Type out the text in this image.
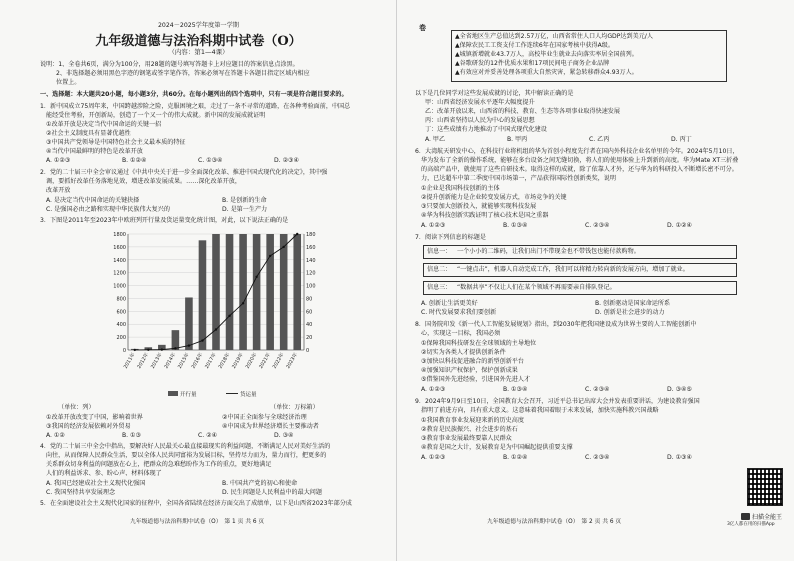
2024－2025学年度第一学期
九年级道德与法治科期中试卷（O）
（内容：第1—4课）
说明：1、全卷共6页，满分为100分，用28题的题号填写答题卡上对应题目的答案信息点涂黑。
2、非选择题必须用黑色字迹的钢笔或签字笔作答，答案必须写在答题卡各题目指定区域内相应
位置上。
一、选择题：本大题共20小题，每小题3分，共60分。在每小题列出的四个选项中，只有一项是符合题目要求的。
1．新中国成立75周年来，中国跨越涉险之险，克服困境之艰，走过了一条不寻常的道路，在各种考验面前，中国总
能经受住考验，开创新局，创造了一个又一个的伟大成就。新中国的发展成就证明
①改革开放是决定当代中国命运的关键一招
②社会主义制度具有显著优越性
③中国共产党领导是中国特色社会主义最本质的特征
④当代中国最鲜明的特色是改革开放
A. ①②③	B. ①②④	C. ①③④	D. ②③④
2．党的二十届三中全会审议通过《中共中央关于进一步全面深化改革、推进中国式现代化的决定》，其中强
调，要抓好改革任务落地见效，增进改革发展成果。……深化改革开放，
改革开放
A. 是决定当代中国命运的关键抉择	B. 是创新的生命
C. 是强国必由之路和实现中华民族伟大复兴的	D. 是第一生产力
3．下图是2011年至2023年中欧班列开行量及货运量变化统计图，对此，以下说法正确的是
0
200
400
600
800
1000
1200
1400
1600
1800
0
20
40
60
80
100
120
140
160
180
2011年 2012年 2013年 2014年 2015年 2016年 2017年 2018年 2019年 2020年 2021年 2022年 2023年
开行量	货运量
（单位：列）	（单位：万标箱）
①改革开放改变了中国，影响着世界	②中国正全面参与全球经济治理
③我国的经济发展依赖对外贸易	④中国成为世界经济增长主要推动者
A. ①②	B. ①③	C. ②④	D. ③④
4．党的二十届三中全会中指出，要解决好人民最关心最直接最现实的利益问题，不断满足人民对美好生活的
向往，从而保障人民群众生活，要以全体人民共同富裕为发展目标，坚持尽力而为，量力而行，把更多的
关系群众切身利益的问题放在心上，把群众的急难愁盼作为工作的重点，更好地满足
人们的利益诉求、参、盼心声、材料体现了
A. 我国已经建成社会主义现代化强国	B. 中国共产党的初心和使命
C. 我国坚持共享发展理念	D. 民生问题是人民利益中的最大问题
5．在全面建设社会主义现代化国家的征程中，全国各省陆续在经济方面交出了成绩单，以下是山西省2023年部分成
九年级道德与法治科期中试卷（O）　第 1 页 共 6 页
卷
▲全省地区生产总值达到2.57万亿，山西省常住人口人均GDP达到美元/人
▲保障农民工工资支付工作连续6年在国家考核中获得A级。
▲城镇新增就业43.7万人，高校毕业生就业去向落实率居全国前列。
▲谷歌研发的12件优质水果和17项民间电子商务企业品牌
▲有效应对并妥善处理各项重大自然灾害，紧急转移群众4.93万人。
以下是几位同学对这些发展成就的讨论，其中解读正确的是
甲：山西省经济发展水平逐年大幅度提升
乙：改革开放以来，山西省的科技、教育、生态等各项事业取得快速发展
丙：山西省坚持以人民为中心的发展思想
丁：这些成绩有力地推动了中国式现代化建设
A. 甲乙	B. 甲丙	C. 乙丙	D. 丙丁
6．大湾航天研发中心，在科技行业将机组的华为首创小程度先行者在国内外科技企业名单里的今年。2024年5月10日，
华为发布了全新的操作系统，能够在多台设备之间无缝切换，将人们的使用体验上升到新的高度。华为Mate XT三折叠
的高端产品中，就使用了这些自研技术。取得这样的成就，除了依靠人才外，还与华为的科研投入不断增长密不可分。
力，已达超车中第二季度中国市场第一，产品获得国际性创新类奖，说明
①企业是我国科技创新的主体
②提升创新能力是企业转变发展方式，市场竞争的关键
③只要加大创新投入，就能够实现科技发展
④华为科技创新实践证明了核心技术是国之重器
A. ①②③	B. ①③④	C. ②③④	D. ①②④
7．阅读下列信息的标题是
信息一： 一个小小的二维码，让我们出门不带现金也不带钱包也能付款购物。
信息二： “一键点击”，机器人自动完成工作，我们可以将精力转向新的发展方向，增加了就业。
信息三： “数据共享”不仅让人们在某个领域不再需要亲自排队登记。
A. 创新让生活更美好	B. 创新驱动是国家命运所系
C. 时代发展要求我们要创新	D. 创新是社会进步的动力
8．国务院印发《新一代人工智能发展规划》指出，到2030年把我国建设成为世界主要的人工智能创新中
心，实现这一目标，我国必须
①保障我国科技研发在全球领域的主导地位
②切实为各类人才提供创新条件
③加快以科技促进融合的新型创新平台
④加强知识产权保护，保护创新成果
⑤借鉴国外先进经验，引进国外先进人才
A. ①②③	B. ①③④	C. ②③④	D. ③④⑤
9．2024年9月9日至10日，全国教育大会召开，习近平总书记出席大会并发表重要讲话，为建设教育强国
指明了前进方向，具有重大意义。这意味着我国着眼于未来发展，加快实施科教兴国战略
①我国教育事业发展迎来新的历史高度
②教育是民族振兴、社会进步的基石
③教育事业发展最终要靠人民群众
④教育是国之大计，发展教育是为中国崛起提供重要支撑
A. ①②③	B. ①②④	C. ②③④	D. ①③④
九年级道德与法治科期中试卷（O）　第 2 页 共 6 页
扫描全能王
3亿人都在用的扫描App
